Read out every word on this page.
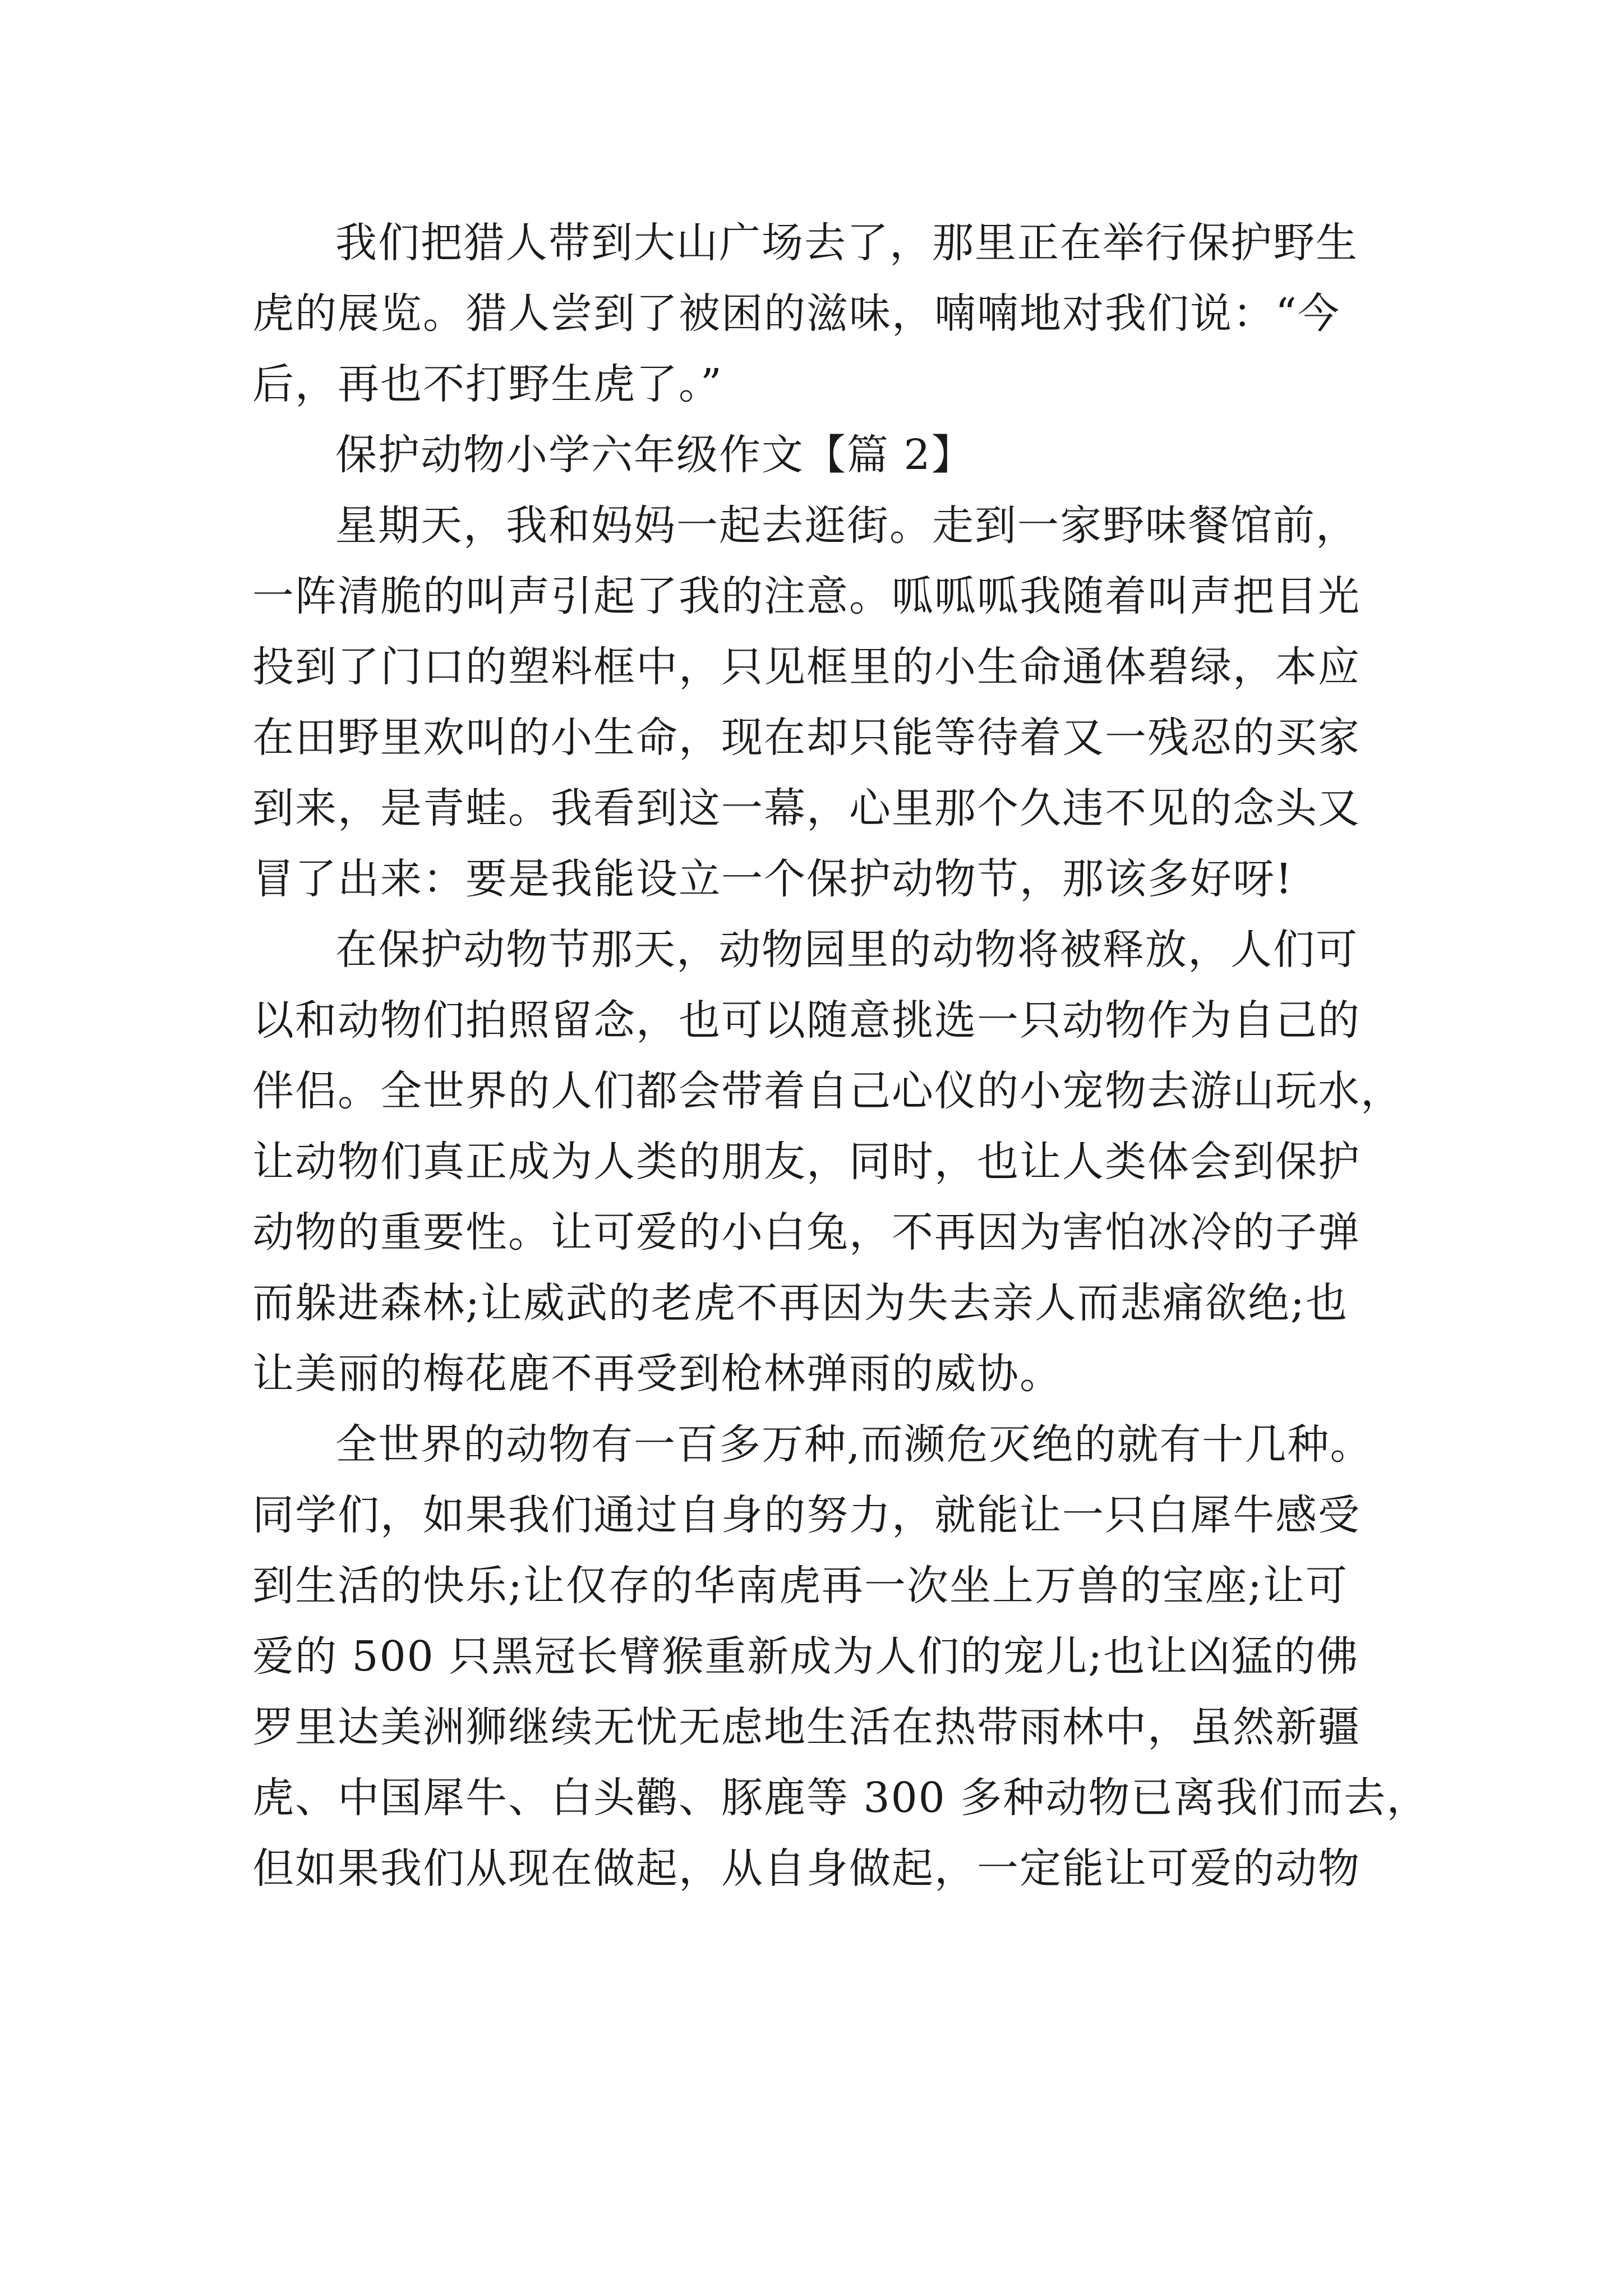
我们把猎人带到大山广场去了，那里正在举行保护野生
虎的展览。猎人尝到了被困的滋味，喃喃地对我们说：“今
后，再也不打野生虎了。”

保护动物小学六年级作文【篇 2】

星期天，我和妈妈一起去逛街。走到一家野味餐馆前，
一阵清脆的叫声引起了我的注意。呱呱呱我随着叫声把目光
投到了门口的塑料框中，只见框里的小生命通体碧绿，本应
在田野里欢叫的小生命，现在却只能等待着又一残忍的买家
到来，是青蛙。我看到这一幕，心里那个久违不见的念头又
冒了出来：要是我能设立一个保护动物节，那该多好呀!

在保护动物节那天，动物园里的动物将被释放，人们可
以和动物们拍照留念，也可以随意挑选一只动物作为自己的
伴侣。全世界的人们都会带着自己心仪的小宠物去游山玩水，
让动物们真正成为人类的朋友，同时，也让人类体会到保护
动物的重要性。让可爱的小白兔，不再因为害怕冰冷的子弹
而躲进森林;让威武的老虎不再因为失去亲人而悲痛欲绝;也
让美丽的梅花鹿不再受到枪林弹雨的威协。

全世界的动物有一百多万种,而濒危灭绝的就有十几种。
同学们，如果我们通过自身的努力，就能让一只白犀牛感受
到生活的快乐;让仅存的华南虎再一次坐上万兽的宝座;让可
爱的 500 只黑冠长臂猴重新成为人们的宠儿;也让凶猛的佛
罗里达美洲狮继续无忧无虑地生活在热带雨林中，虽然新疆
虎、中国犀牛、白头鹳、豚鹿等 300 多种动物已离我们而去，
但如果我们从现在做起，从自身做起，一定能让可爱的动物
